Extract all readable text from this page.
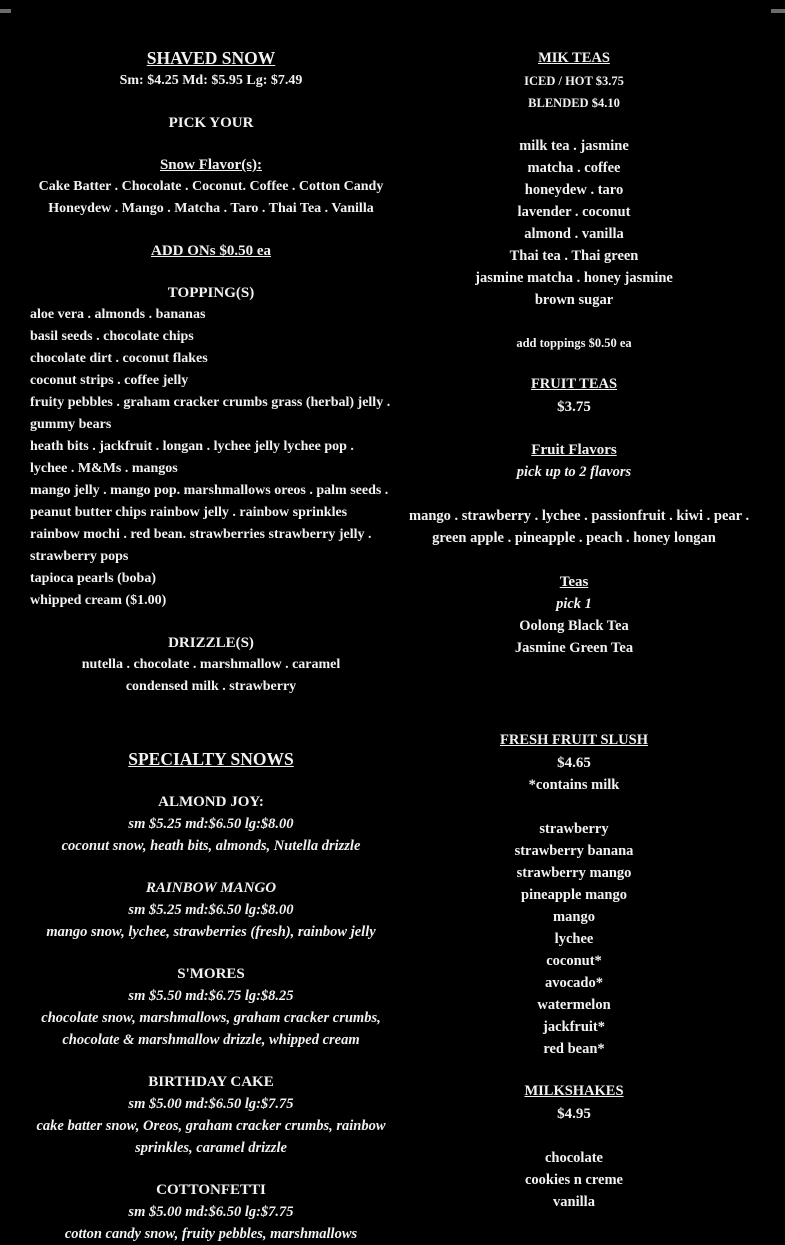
SHAVED SNOW
Sm: $4.25 Md: $5.95 Lg: $7.49
PICK YOUR
Snow Flavor(s):
Cake Batter . Chocolate . Coconut. Coffee . Cotton Candy
Honeydew . Mango . Matcha . Taro . Thai Tea . Vanilla
ADD ONs $0.50 ea
TOPPING(S)
aloe vera . almonds . bananas
basil seeds . chocolate chips
chocolate dirt . coconut flakes
coconut strips . coffee jelly
fruity pebbles . graham cracker crumbs grass (herbal) jelly .
gummy bears
heath bits . jackfruit . longan . lychee jelly lychee pop .
lychee . M&Ms . mangos
mango jelly . mango pop. marshmallows oreos . palm seeds .
peanut butter chips rainbow jelly . rainbow sprinkles
rainbow mochi . red bean. strawberries strawberry jelly .
strawberry pops
tapioca pearls (boba)
whipped cream ($1.00)
DRIZZLE(S)
nutella . chocolate . marshmallow . caramel
condensed milk . strawberry
SPECIALTY SNOWS
ALMOND JOY:
sm $5.25 md:$6.50 lg:$8.00
coconut snow, heath bits, almonds, Nutella drizzle
RAINBOW MANGO
sm $5.25 md:$6.50 lg:$8.00
mango snow, lychee, strawberries (fresh), rainbow jelly
S'MORES
sm $5.50 md:$6.75 lg:$8.25
chocolate snow, marshmallows, graham cracker crumbs,
chocolate & marshmallow drizzle, whipped cream
BIRTHDAY CAKE
sm $5.00 md:$6.50 lg:$7.75
cake batter snow, Oreos, graham cracker crumbs, rainbow
sprinkles, caramel drizzle
COTTONFETTI
sm $5.00 md:$6.50 lg:$7.75
cotton candy snow, fruity pebbles, marshmallows
MIK TEAS
ICED / HOT $3.75
BLENDED $4.10
milk tea . jasmine
matcha . coffee
honeydew . taro
lavender . coconut
almond . vanilla
Thai tea . Thai green
jasmine matcha . honey jasmine
brown sugar
add toppings $0.50 ea
FRUIT TEAS
$3.75
Fruit Flavors
pick up to 2 flavors
mango . strawberry . lychee . passionfruit . kiwi . pear .
green apple . pineapple . peach . honey longan
Teas
pick 1
Oolong Black Tea
Jasmine Green Tea
FRESH FRUIT SLUSH
$4.65
*contains milk
strawberry
strawberry banana
strawberry mango
pineapple mango
mango
lychee
coconut*
avocado*
watermelon
jackfruit*
red bean*
MILKSHAKES
$4.95
chocolate
cookies n creme
vanilla
